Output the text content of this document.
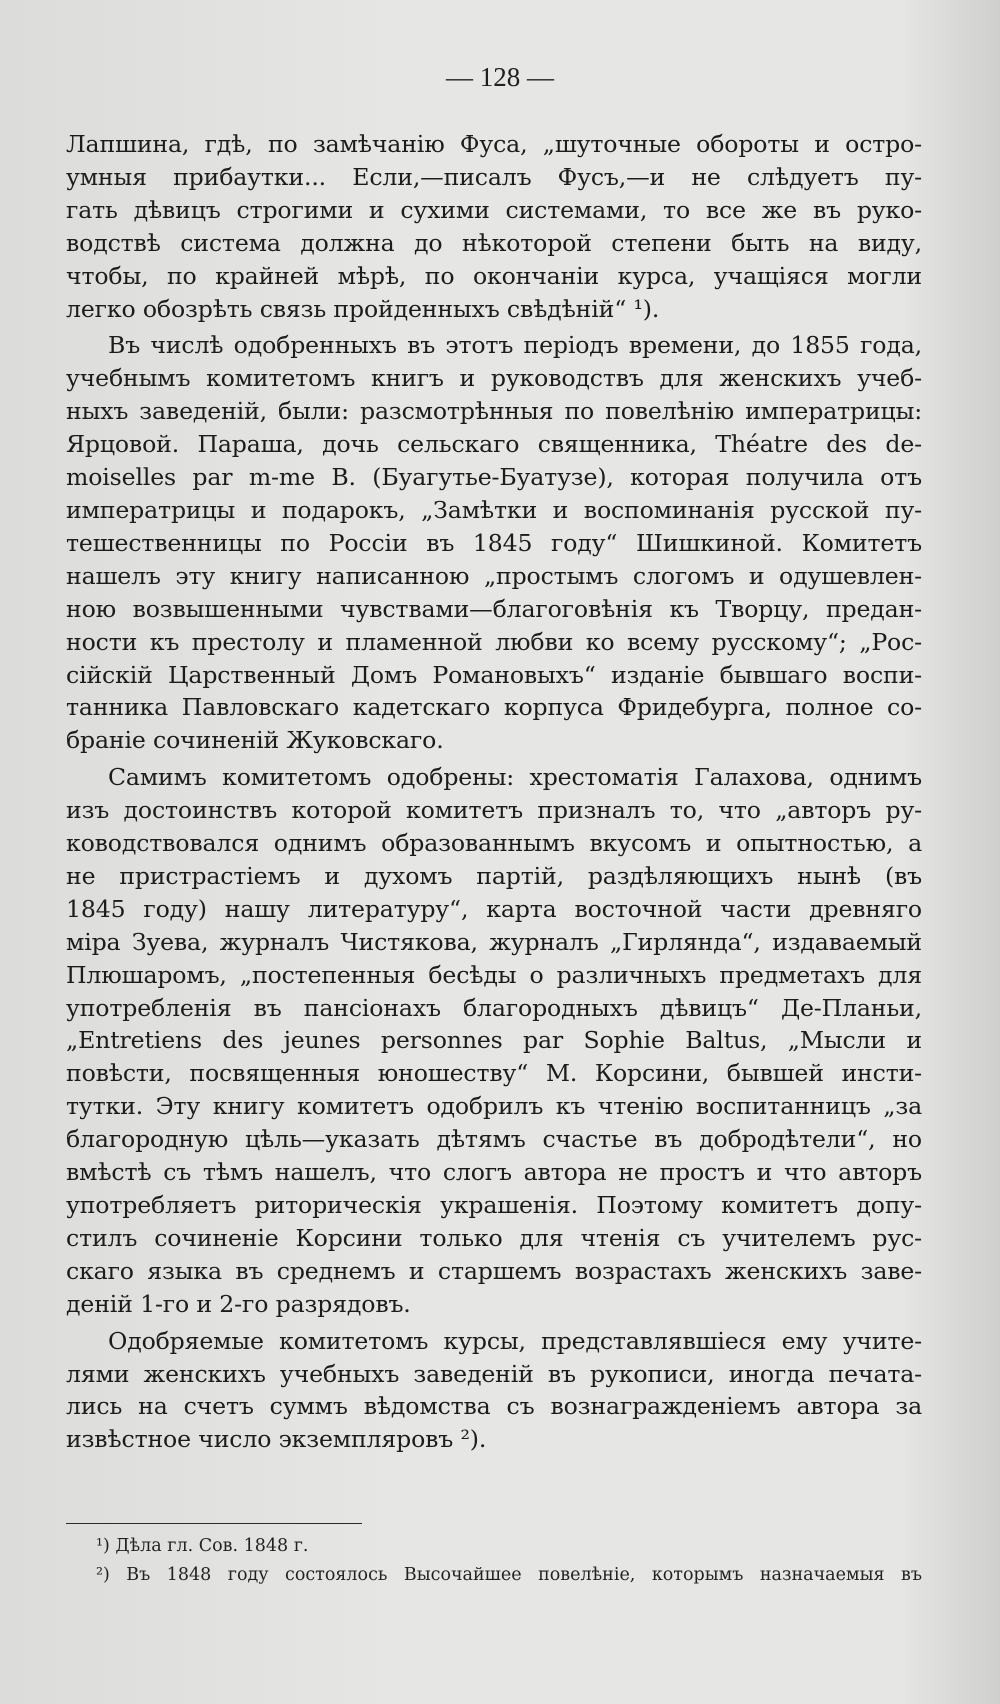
— 128 —
Лапшина, гдѣ, по замѣчанію Фуса, „шуточные обороты и остро-
умныя прибаутки... Если,—писалъ Фусъ,—и не слѣдуетъ пу-
гать дѣвицъ строгими и сухими системами, то все же въ руко-
водствѣ система должна до нѣкоторой степени быть на виду,
чтобы, по крайней мѣрѣ, по окончаніи курса, учащіяся могли
легко обозрѣть связь пройденныхъ свѣдѣній“ ¹).
Въ числѣ одобренныхъ въ этотъ періодъ времени, до 1855 года,
учебнымъ комитетомъ книгъ и руководствъ для женскихъ учеб-
ныхъ заведеній, были: разсмотрѣнныя по повелѣнію императрицы:
Ярцовой. Параша, дочь сельскаго священника, Théatre des de-
moiselles par m-me B. (Буагутье-Буатузе), которая получила отъ
императрицы и подарокъ, „Замѣтки и воспоминанія русской пу-
тешественницы по Россіи въ 1845 году“ Шишкиной. Комитетъ
нашелъ эту книгу написанною „простымъ слогомъ и одушевлен-
ною возвышенными чувствами—благоговѣнія къ Творцу, предан-
ности къ престолу и пламенной любви ко всему русскому“; „Рос-
сійскій Царственный Домъ Романовыхъ“ изданіе бывшаго воспи-
танника Павловскаго кадетскаго корпуса Фридебурга, полное со-
браніе сочиненій Жуковскаго.
Самимъ комитетомъ одобрены: хрестоматія Галахова, однимъ
изъ достоинствъ которой комитетъ призналъ то, что „авторъ ру-
ководствовался однимъ образованнымъ вкусомъ и опытностью, а
не пристрастіемъ и духомъ партій, раздѣляющихъ нынѣ (въ
1845 году) нашу литературу“, карта восточной части древняго
міра Зуева, журналъ Чистякова, журналъ „Гирлянда“, издаваемый
Плюшаромъ, „постепенныя бесѣды о различныхъ предметахъ для
употребленія въ пансіонахъ благородныхъ дѣвицъ“ Де-Планьи,
„Entretiens des jeunes personnes par Sophie Baltus, „Мысли и
повѣсти, посвященныя юношеству“ М. Корсини, бывшей инсти-
тутки. Эту книгу комитетъ одобрилъ къ чтенію воспитанницъ „за
благородную цѣль—указать дѣтямъ счастье въ добродѣтели“, но
вмѣстѣ съ тѣмъ нашелъ, что слогъ автора не простъ и что авторъ
употребляетъ риторическія украшенія. Поэтому комитетъ допу-
стилъ сочиненіе Корсини только для чтенія съ учителемъ рус-
скаго языка въ среднемъ и старшемъ возрастахъ женскихъ заве-
деній 1-го и 2-го разрядовъ.
Одобряемые комитетомъ курсы, представлявшіеся ему учите-
лями женскихъ учебныхъ заведеній въ рукописи, иногда печата-
лись на счетъ суммъ вѣдомства съ вознагражденіемъ автора за
извѣстное число экземпляровъ ²).
¹) Дѣла гл. Сов. 1848 г.
²) Въ 1848 году состоялось Высочайшее повелѣніе, которымъ назначаемыя въ
